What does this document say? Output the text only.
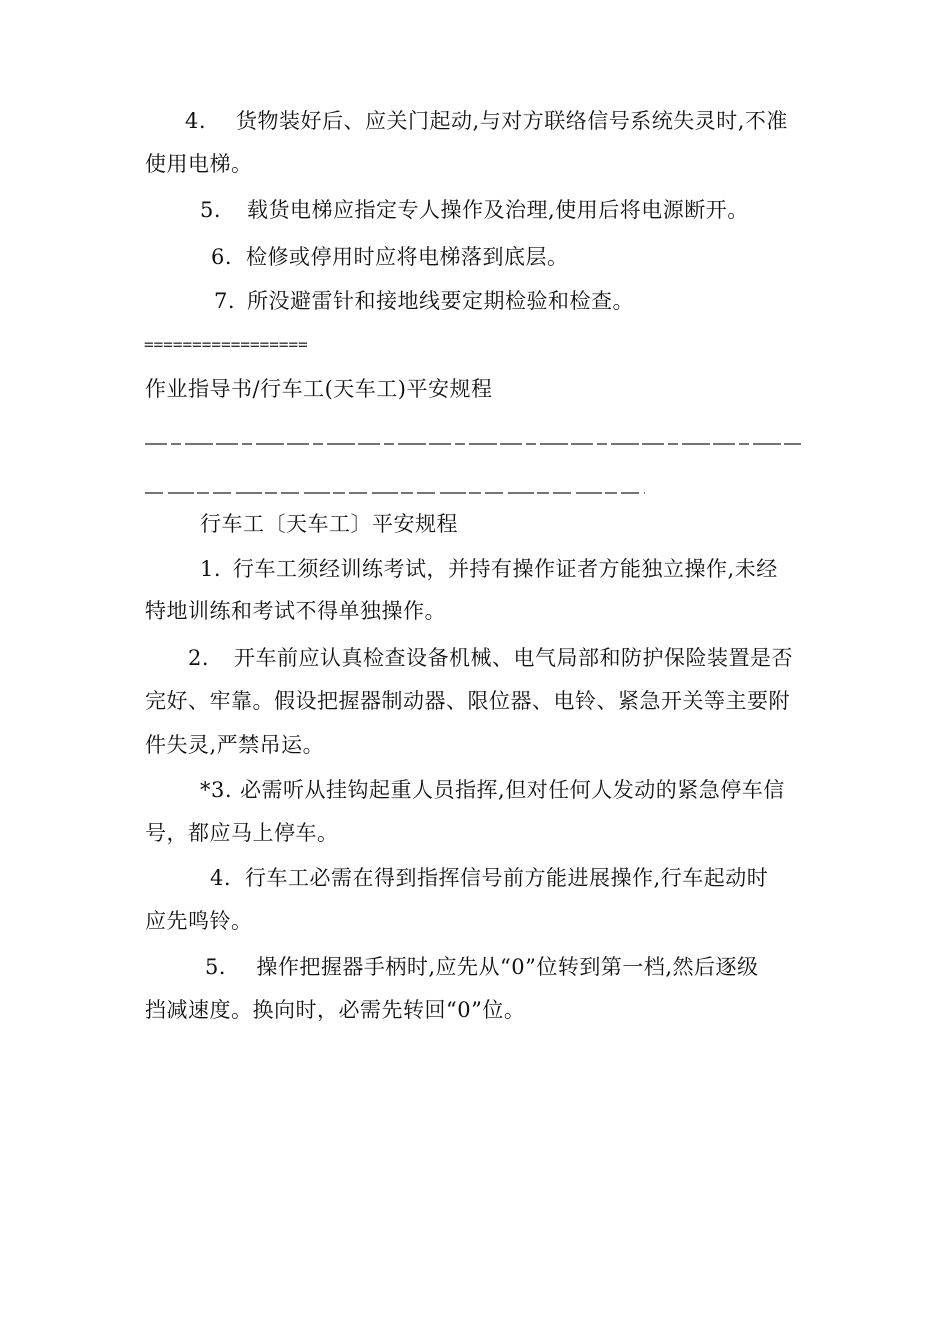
4. 货物装好后、应关门起动,与对方联络信号系统失灵时,不准
使用电梯。
5. 载货电梯应指定专人操作及治理,使用后将电源断开。
6. 检修或停用时应将电梯落到底层。
7. 所没避雷针和接地线要定期检验和检查。
=================
作业指导书/行车工(天车工)平安规程
行车工〔天车工〕平安规程
1. 行车工须经训练考试，并持有操作证者方能独立操作,未经
特地训练和考试不得单独操作。
2. 开车前应认真检查设备机械、电气局部和防护保险装置是否
完好、牢靠。假设把握器制动器、限位器、电铃、紧急开关等主要附
件失灵,严禁吊运。
*3. 必需听从挂钩起重人员指挥,但对任何人发动的紧急停车信
号，都应马上停车。
4. 行车工必需在得到指挥信号前方能进展操作,行车起动时
应先鸣铃。
5． 操作把握器手柄时,应先从“0”位转到第一档,然后逐级
挡减速度。换向时，必需先转回“0”位。
